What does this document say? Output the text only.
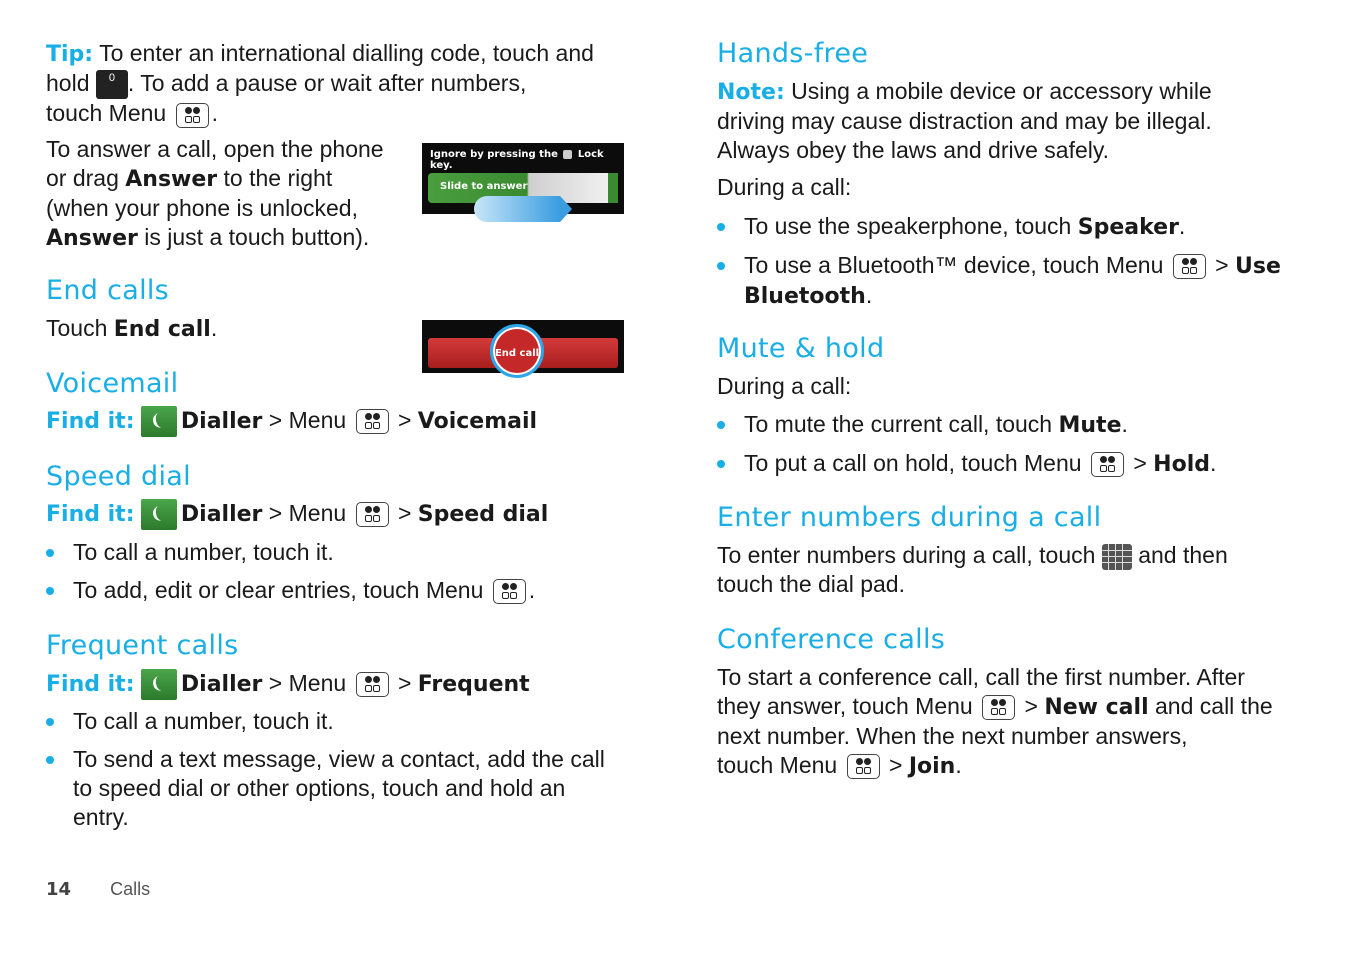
Tip: To enter an international dialling code, touch and

hold	0 . To add a pause or wait after numbers,

touch Menu .

To answer a call, open the phone

or drag Answer to the right

(when your phone is unlocked,

Answer is just a touch button).

Ignore by pressing the Lock key.
Slide to answer
End calls

Touch End call.

End call
Voicemail

Find it: Dialler > Menu > Voicemail

Speed dial

Find it: Dialler > Menu > Speed dial

To call a number, touch it.
To add, edit or clear entries, touch Menu .
Frequent calls

Find it: Dialler > Menu > Frequent

To call a number, touch it.
To send a text message, view a contact, add the call
to speed dial or other options, touch and hold an
entry.
14 Calls
Hands-free

Note: Using a mobile device or accessory while

driving may cause distraction and may be illegal.

Always obey the laws and drive safely.

During a call:

To use the speakerphone, touch Speaker.
To use a Bluetooth™ device, touch Menu > Use
Bluetooth.
Mute & hold

During a call:

To mute the current call, touch Mute.
To put a call on hold, touch Menu > Hold.
Enter numbers during a call

To enter numbers during a call, touch and then

touch the dial pad.

Conference calls

To start a conference call, call the first number. After

they answer, touch Menu > New call and call the

next number. When the next number answers,

touch Menu > Join.
